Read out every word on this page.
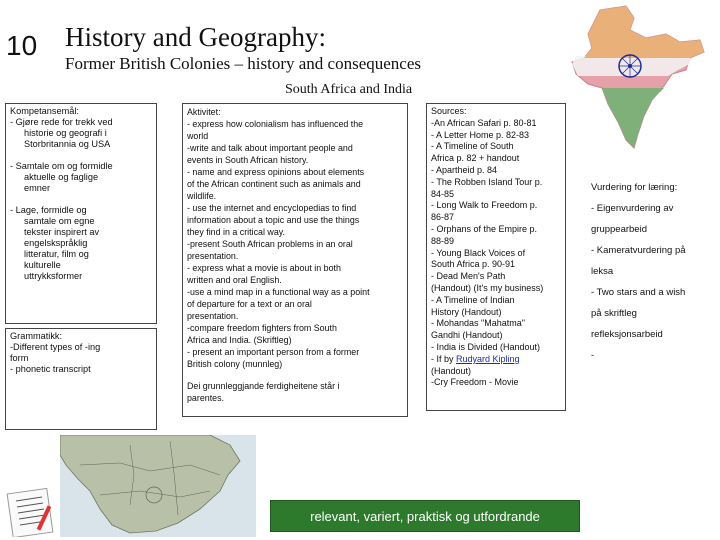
10 History and Geography:
Former British Colonies – history and consequences
South Africa and India

Kompetansemål:

- Gjøre rede for trekk ved

historie og geografi i

Storbritannia og USA

- Samtale om og formidle

aktuelle og faglige

emner

- Lage, formidle og

samtale om egne

tekster inspirert av

engelskspråklig

litteratur, film og

kulturelle

uttrykksformer

Grammatikk:

-Different types of -ing

form

- phonetic transcript

Aktivitet:

- express how colonialism has influenced the

world

-write and talk about important people and

events in South African history.

- name and express opinions about elements

of the African continent such as animals and

wildlife.

- use the internet and encyclopedias to find

information about a topic and use the things

they find in a critical way.

-present South African problems in an oral

presentation.

- express what a movie is about in both

written and oral English.

-use a mind map in a functional way as a point

of departure for a text or an oral

presentation.

-compare freedom fighters from South

Africa and India. (Skriftleg)

- present an important person from a former

British colony (munnleg)

Dei grunnleggjande ferdigheitene står i

parentes.

Sources:

-An African Safari p. 80-81

- A Letter Home p. 82-83

- A Timeline of South

Africa p. 82 + handout

- Apartheid p. 84

- The Robben Island Tour p.

84-85

- Long Walk to Freedom p.

86-87

- Orphans of the Empire p.

88-89

- Young Black Voices of

South Africa p. 90-91

- Dead Men's Path

(Handout) (It's my business)

- A Timeline of Indian

History (Handout)

- Mohandas "Mahatma"

Gandhi (Handout)

- India is Divided (Handout)

- If by Rudyard Kipling

(Handout)

-Cry Freedom - Movie

Vurdering for læring:

- Eigenvurdering av

gruppearbeid

- Kameratvurdering på

leksa

- Two stars and a wish

på skriftleg

refleksjonsarbeid

-

relevant, variert, praktisk og utfordrande
